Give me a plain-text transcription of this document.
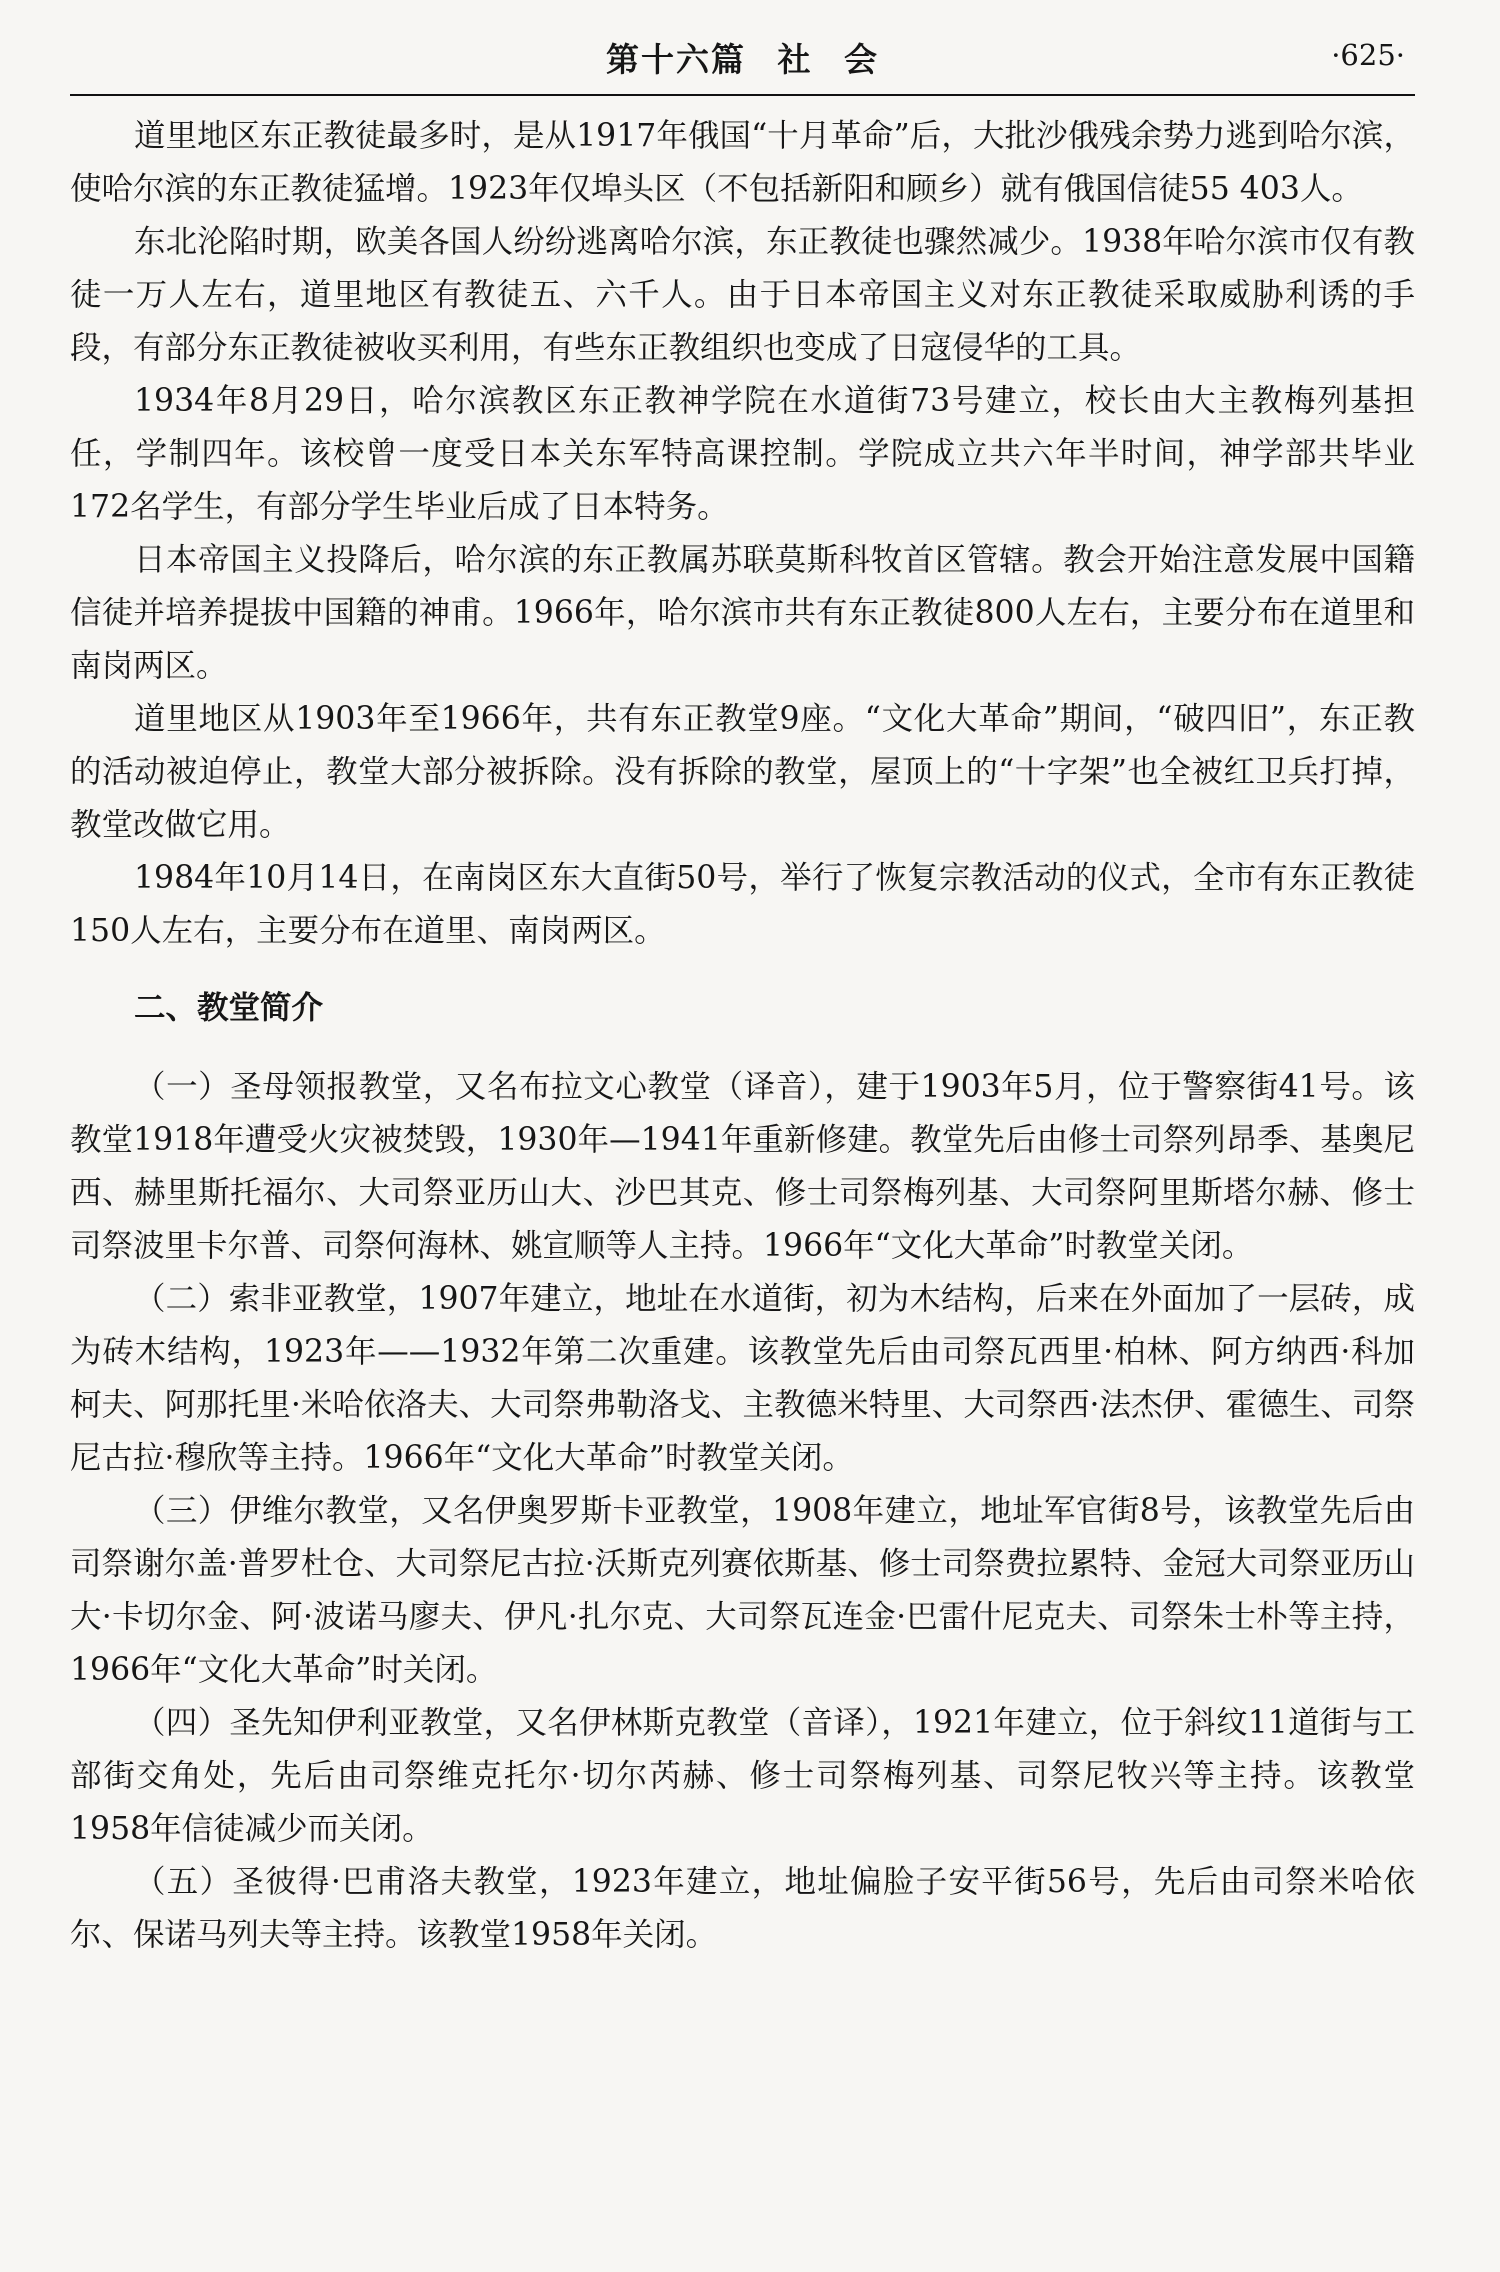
第十六篇 社 会	·625·

道里地区东正教徒最多时，是从1917年俄国“十月革命”后，大批沙俄残余势力逃到哈尔滨，使哈尔滨的东正教徒猛增。1923年仅埠头区（不包括新阳和顾乡）就有俄国信徒55 403人。

东北沦陷时期，欧美各国人纷纷逃离哈尔滨，东正教徒也骤然减少。1938年哈尔滨市仅有教徒一万人左右，道里地区有教徒五、六千人。由于日本帝国主义对东正教徒采取威胁利诱的手段，有部分东正教徒被收买利用，有些东正教组织也变成了日寇侵华的工具。

1934年8月29日，哈尔滨教区东正教神学院在水道街73号建立，校长由大主教梅列基担任，学制四年。该校曾一度受日本关东军特高课控制。学院成立共六年半时间，神学部共毕业172名学生，有部分学生毕业后成了日本特务。

日本帝国主义投降后，哈尔滨的东正教属苏联莫斯科牧首区管辖。教会开始注意发展中国籍信徒并培养提拔中国籍的神甫。1966年，哈尔滨市共有东正教徒800人左右，主要分布在道里和南岗两区。

道里地区从1903年至1966年，共有东正教堂9座。“文化大革命”期间，“破四旧”，东正教的活动被迫停止，教堂大部分被拆除。没有拆除的教堂，屋顶上的“十字架”也全被红卫兵打掉，教堂改做它用。

1984年10月14日，在南岗区东大直街50号，举行了恢复宗教活动的仪式，全市有东正教徒150人左右，主要分布在道里、南岗两区。

二、教堂简介

（一）圣母领报教堂，又名布拉文心教堂（译音），建于1903年5月，位于警察街41号。该教堂1918年遭受火灾被焚毁，1930年—1941年重新修建。教堂先后由修士司祭列昂季、基奥尼西、赫里斯托福尔、大司祭亚历山大、沙巴其克、修士司祭梅列基、大司祭阿里斯塔尔赫、修士司祭波里卡尔普、司祭何海林、姚宣顺等人主持。1966年“文化大革命”时教堂关闭。

（二）索非亚教堂，1907年建立，地址在水道街，初为木结构，后来在外面加了一层砖，成为砖木结构，1923年——1932年第二次重建。该教堂先后由司祭瓦西里·柏林、阿方纳西·科加柯夫、阿那托里·米哈依洛夫、大司祭弗勒洛戈、主教德米特里、大司祭西·法杰伊、霍德生、司祭尼古拉·穆欣等主持。1966年“文化大革命”时教堂关闭。

（三）伊维尔教堂，又名伊奥罗斯卡亚教堂，1908年建立，地址军官街8号，该教堂先后由司祭谢尔盖·普罗杜仓、大司祭尼古拉·沃斯克列赛依斯基、修士司祭费拉累特、金冠大司祭亚历山大·卡切尔金、阿·波诺马廖夫、伊凡·扎尔克、大司祭瓦连金·巴雷什尼克夫、司祭朱士朴等主持，1966年“文化大革命”时关闭。

（四）圣先知伊利亚教堂，又名伊林斯克教堂（音译），1921年建立，位于斜纹11道街与工部街交角处，先后由司祭维克托尔·切尔芮赫、修士司祭梅列基、司祭尼牧兴等主持。该教堂1958年信徒减少而关闭。

（五）圣彼得·巴甫洛夫教堂，1923年建立，地址偏脸子安平街56号，先后由司祭米哈依尔、保诺马列夫等主持。该教堂1958年关闭。
